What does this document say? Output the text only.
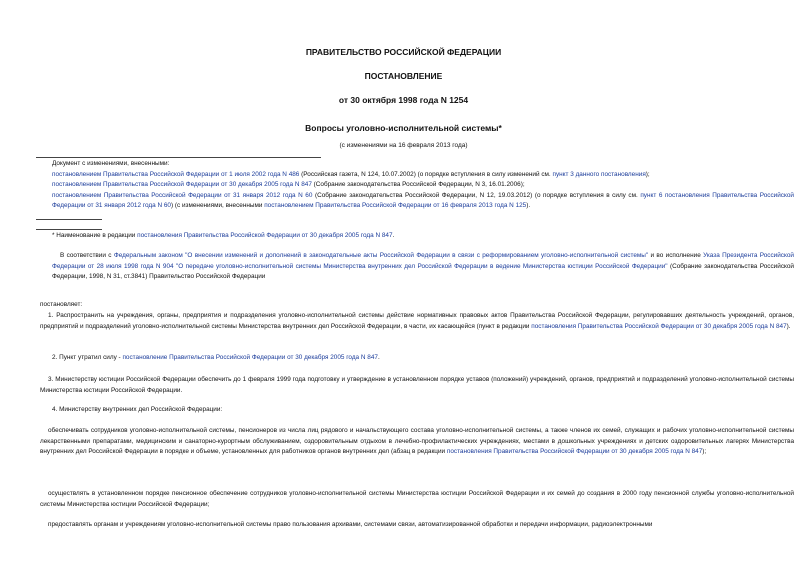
ПРАВИТЕЛЬСТВО РОССИЙСКОЙ ФЕДЕРАЦИИ
ПОСТАНОВЛЕНИЕ
от 30 октября 1998 года N 1254
Вопросы уголовно-исполнительной системы*
(с изменениями на 16 февраля 2013 года)

Документ с изменениями, внесенными:

постановлением Правительства Российской Федерации от 1 июля 2002 года N 486 (Российская газета, N 124, 10.07.2002) (о порядке вступления в силу изменений см. пункт 3 данного постановления);

постановлением Правительства Российской Федерации от 30 декабря 2005 года N 847 (Собрание законодательства Российской Федерации, N 3, 16.01.2006);

постановлением Правительства Российской Федерации от 31 января 2012 года N 60 (Собрание законодательства Российской Федерации, N 12, 19.03.2012) (о порядке вступления в силу см. пункт 6 постановления Правительства Российской Федерации от 31 января 2012 года N 60) (с изменениями, внесенными постановлением Правительства Российской Федерации от 16 февраля 2013 года N 125).

* Наименование в редакции постановления Правительства Российской Федерации от 30 декабря 2005 года N 847.
В соответствии с Федеральным законом "О внесении изменений и дополнений в законодательные акты Российской Федерации в связи с реформированием уголовно-исполнительной системы" и во исполнение Указа Президента Российской Федерации от 28 июля 1998 года N 904 "О передаче уголовно-исполнительной системы Министерства внутренних дел Российской Федерации в ведение Министерства юстиции Российской Федерации" (Собрание законодательства Российской Федерации, 1998, N 31, ст.3841) Правительство Российской Федерации
постановляет:
1. Распространить на учреждения, органы, предприятия и подразделения уголовно-исполнительной системы действие нормативных правовых актов Правительства Российской Федерации, регулировавших деятельность учреждений, органов, предприятий и подразделений уголовно-исполнительной системы Министерства внутренних дел Российской Федерации, в части, их касающейся (пункт в редакции постановления Правительства Российской Федерации от 30 декабря 2005 года N 847).
2. Пункт утратил силу - постановление Правительства Российской Федерации от 30 декабря 2005 года N 847.
3. Министерству юстиции Российской Федерации обеспечить до 1 февраля 1999 года подготовку и утверждение в установленном порядке уставов (положений) учреждений, органов, предприятий и подразделений уголовно-исполнительной системы Министерства юстиции Российской Федерации.
4. Министерству внутренних дел Российской Федерации:
обеспечивать сотрудников уголовно-исполнительной системы, пенсионеров из числа лиц рядового и начальствующего состава уголовно-исполнительной системы, а также членов их семей, служащих и рабочих уголовно-исполнительной системы лекарственными препаратами, медицинским и санаторно-курортным обслуживанием, оздоровительным отдыхом в лечебно-профилактических учреждениях, местами в дошкольных учреждениях и детских оздоровительных лагерях Министерства внутренних дел Российской Федерации в порядке и объеме, установленных для работников органов внутренних дел (абзац в редакции постановления Правительства Российской Федерации от 30 декабря 2005 года N 847);
осуществлять в установленном порядке пенсионное обеспечение сотрудников уголовно-исполнительной системы Министерства юстиции Российской Федерации и их семей до создания в 2000 году пенсионной службы уголовно-исполнительной системы Министерства юстиции Российской Федерации;
предоставлять органам и учреждениям уголовно-исполнительной системы право пользования архивами, системами связи, автоматизированной обработки и передачи информации, радиоэлектронными
